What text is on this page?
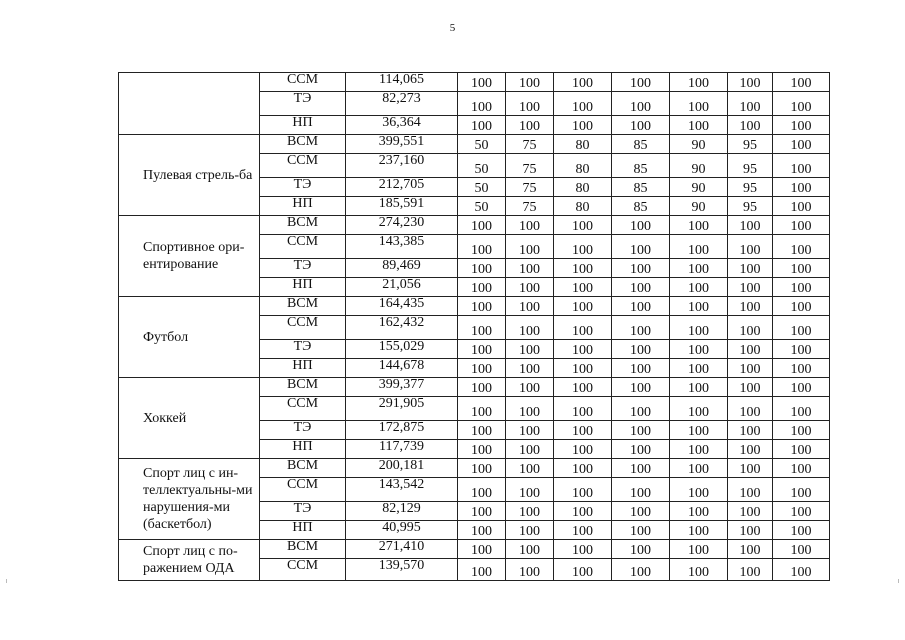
5
	ССМ	114,065	100	100	100	100	100	100	100
	ТЭ	82,273	100	100	100	100	100	100	100
	НП	36,364	100	100	100	100	100	100	100
Пулевая стрель-ба	ВСМ	399,551	50	75	80	85	90	95	100
	ССМ	237,160	50	75	80	85	90	95	100
	ТЭ	212,705	50	75	80	85	90	95	100
	НП	185,591	50	75	80	85	90	95	100
Спортивное ори-ентирование	ВСМ	274,230	100	100	100	100	100	100	100
	ССМ	143,385	100	100	100	100	100	100	100
	ТЭ	89,469	100	100	100	100	100	100	100
	НП	21,056	100	100	100	100	100	100	100
Футбол	ВСМ	164,435	100	100	100	100	100	100	100
	ССМ	162,432	100	100	100	100	100	100	100
	ТЭ	155,029	100	100	100	100	100	100	100
	НП	144,678	100	100	100	100	100	100	100
Хоккей	ВСМ	399,377	100	100	100	100	100	100	100
	ССМ	291,905	100	100	100	100	100	100	100
	ТЭ	172,875	100	100	100	100	100	100	100
	НП	117,739	100	100	100	100	100	100	100
Спорт лиц с ин-теллектуальны-ми нарушения-ми (баскетбол)	ВСМ	200,181	100	100	100	100	100	100	100
	ССМ	143,542	100	100	100	100	100	100	100
	ТЭ	82,129	100	100	100	100	100	100	100
	НП	40,995	100	100	100	100	100	100	100
Спорт лиц с по-ражением ОДА	ВСМ	271,410	100	100	100	100	100	100	100
	ССМ	139,570	100	100	100	100	100	100	100
